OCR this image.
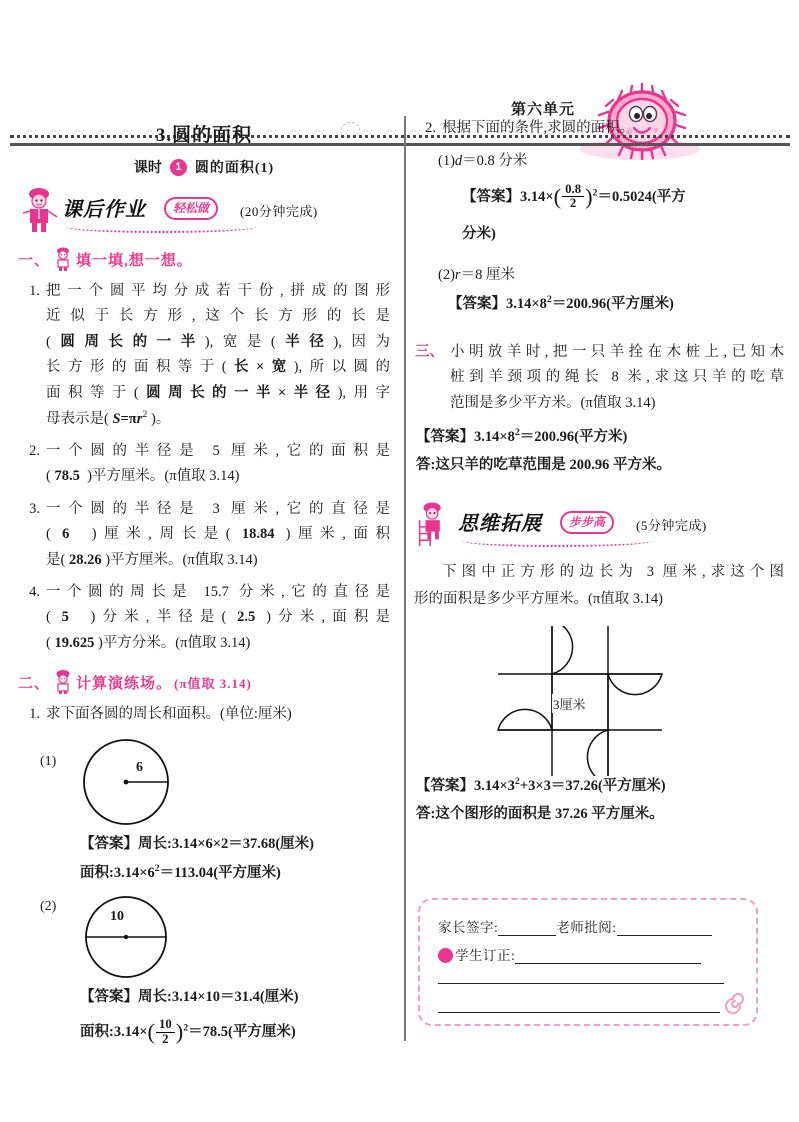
第六单元
3.圆的面积
课时	1 圆的面积(1)
课后作业	轻松做	(20分钟完成)
一、 填一填,想一想。
1. 把一个圆平均分成若干份,拼成的图形
近似于长方形,这个长方形的长是
(圆周长的一半),宽是(半径),因为
长方形的面积等于(长×宽),所以圆的
面积等于(圆周长的一半×半径),用字
母表示是( $S=\pi r^2$ )。
2. 一个圆的半径是 5 厘米,它的面积是
( 78.5 )平方厘米。(π值取 3.14)
3. 一个圆的半径是 3 厘米,它的直径是
( 6 )厘米,周长是( 18.84 )厘米,面积
是( 28.26 )平方厘米。(π值取 3.14)
4. 一个圆的周长是 15.7 分米,它的直径是
( 5 )分米,半径是( 2.5 )分米,面积是
( 19.625 )平方分米。(π值取 3.14)
二、 计算演练场。 (π值取 3.14)
1. 求下面各圆的周长和面积。(单位:厘米)
(1)	6
【答案】周长:3.14×6×2＝37.68(厘米)
面积$:3.14\times 6^2=113.04$(平方厘米)
(2)
10
【答案】周长:3.14×10＝31.4(厘米)
面积:3.14×( $\frac{10}{2} )^2=78.5$(平方厘米)
2. 根据下面的条件,求圆的面积。
(1)d＝0.8 分米
【答案】$3.14\times( \frac{0.8}{2} )^2=0.5024$(平方
分米)
(2)r＝8 厘米
【答案】$3.14\times 8^2=200.96$(平方厘米)
三、 小明放羊时,把一只羊拴在木桩上,已知木
桩到羊颈项的绳长 8 米,求这只羊的吃草
范围是多少平方米。(π值取 3.14)
【答案】$3.14\times 8^2=200.96$(平方米)
答:这只羊的吃草范围是 200.96 平方米。
思维拓展	步步高	(5分钟完成)
下图中正方形的边长为 3 厘米,求这个图
形的面积是多少平方厘米。(π值取 3.14)
3厘米
【答案】$3.14\times 3^2+3\times 3=37.26$(平方厘米)
答:这个图形的面积是 37.26 平方厘米。
家长签字:	老师批阅:
学生订正:
